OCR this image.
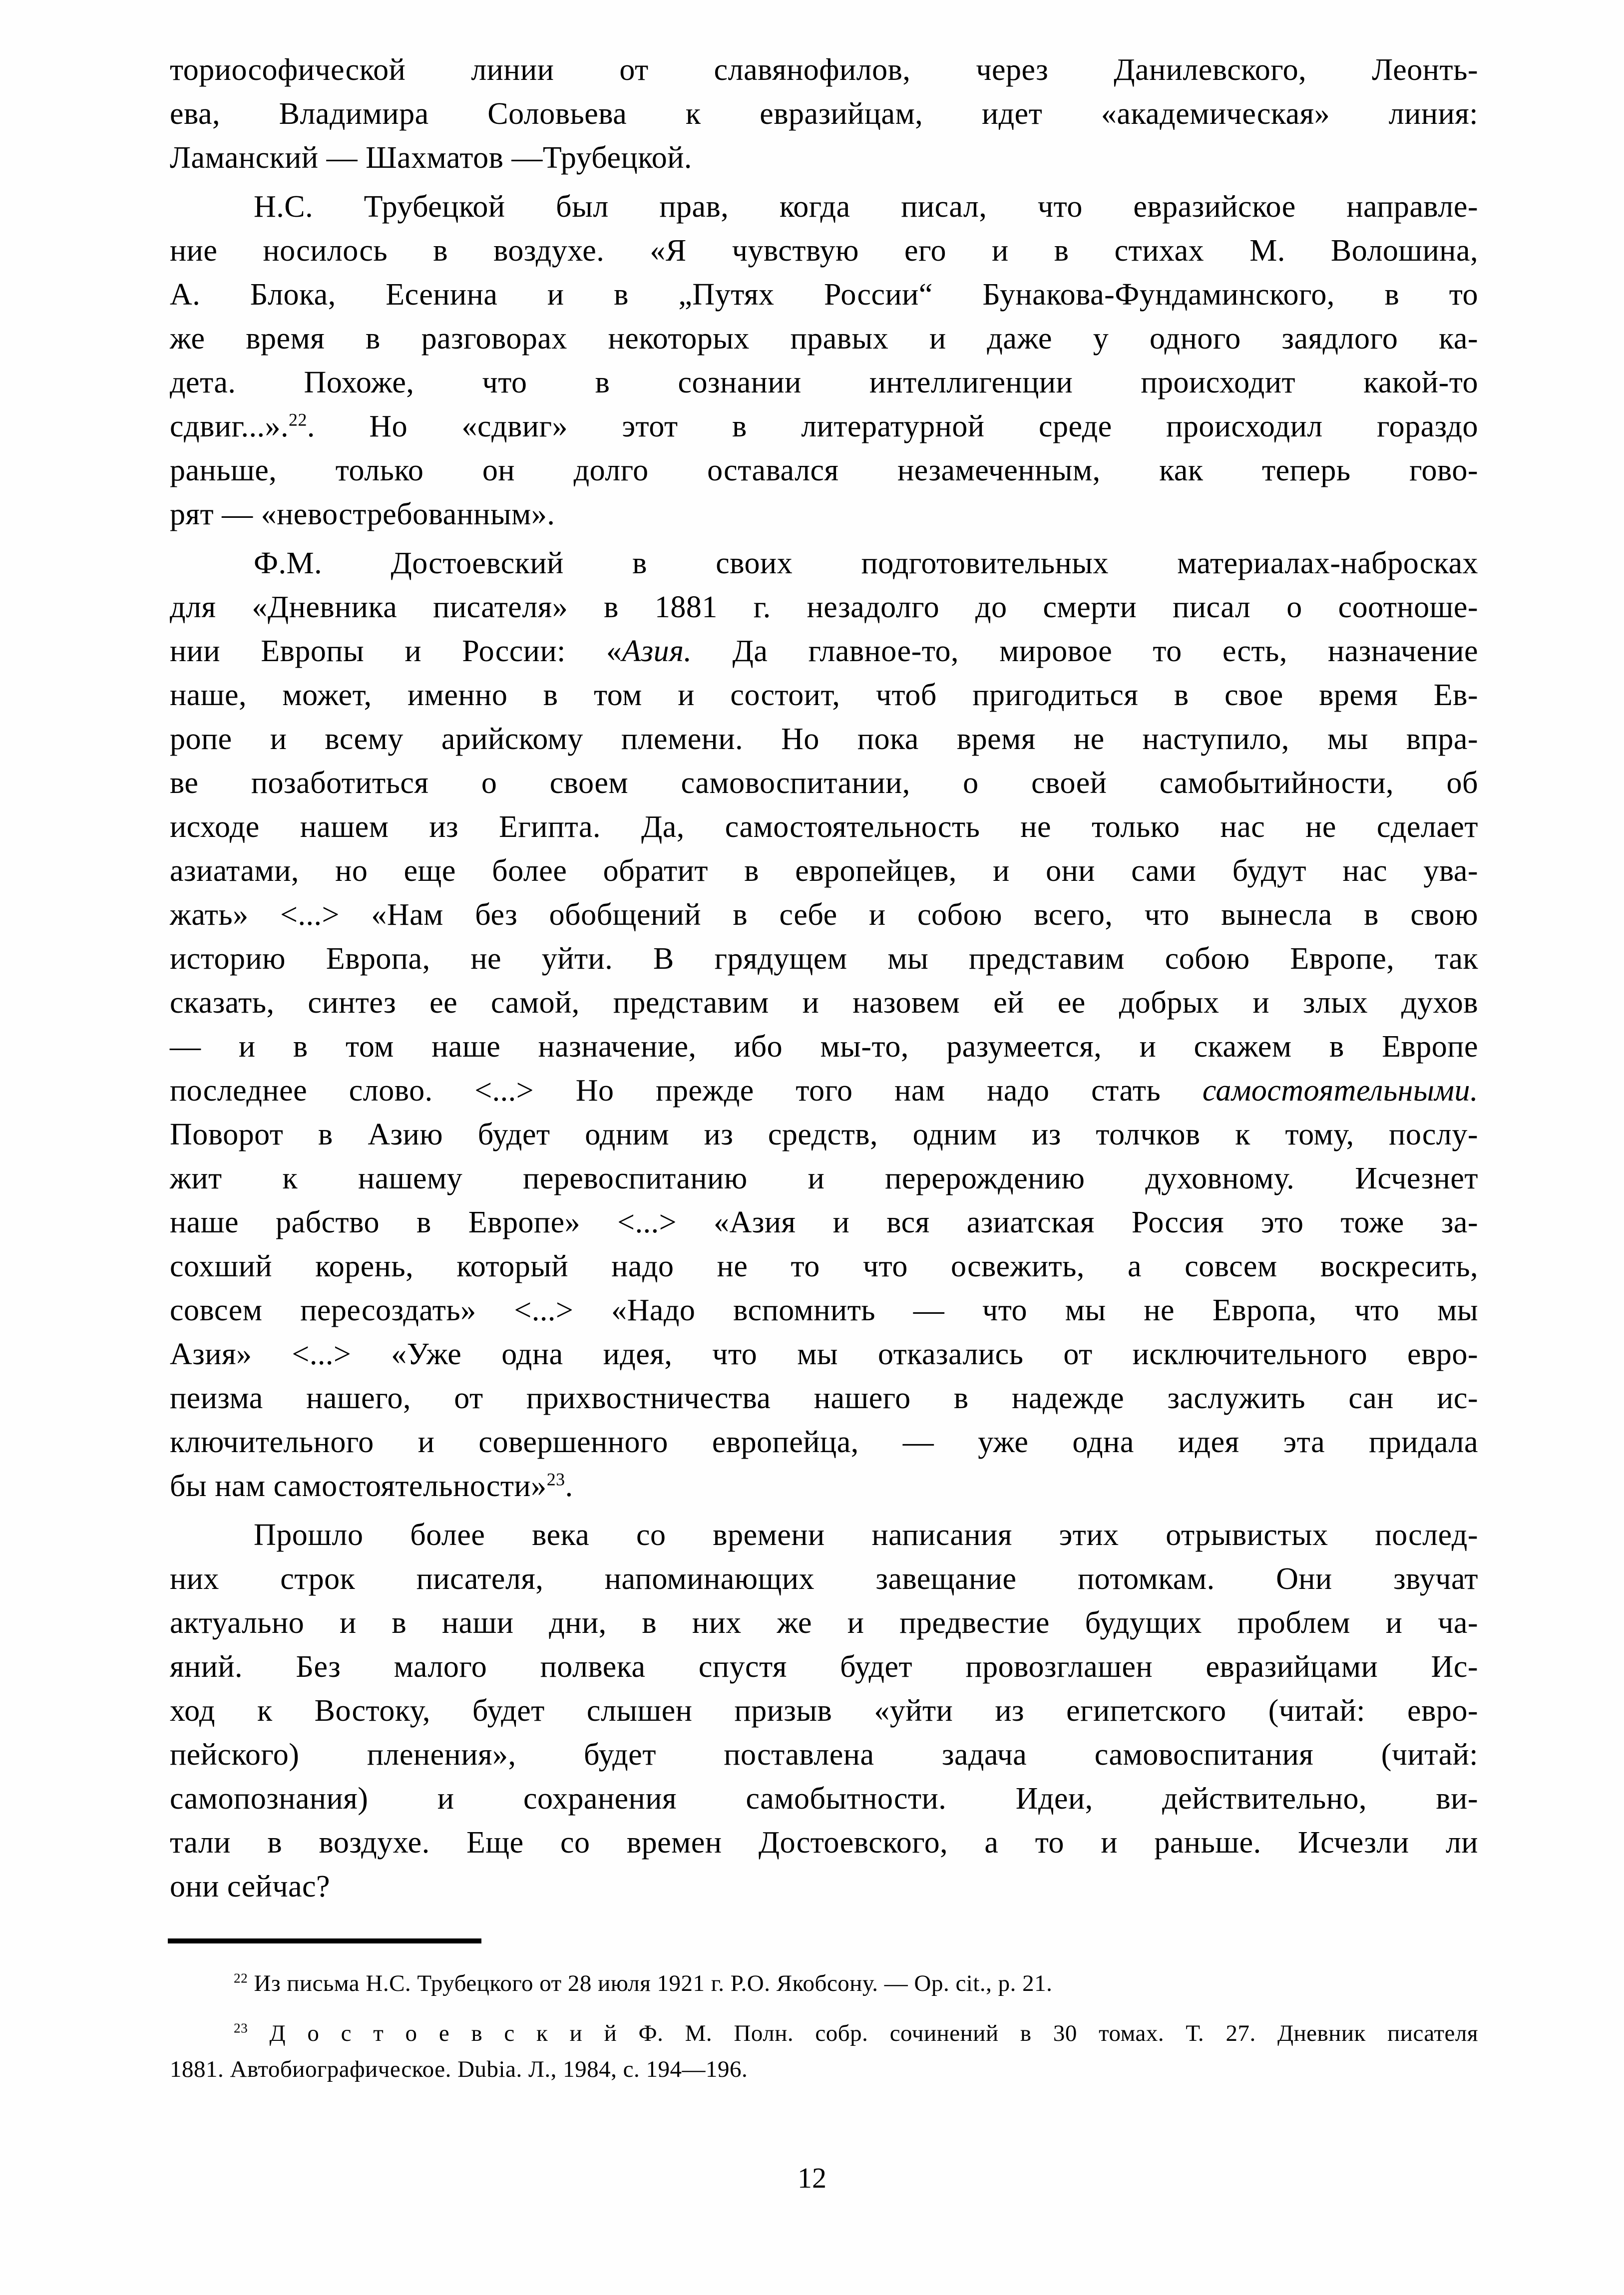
ториософической линии от славянофилов, через Данилевского, Леонть-
ева, Владимира Соловьева к евразийцам, идет «академическая» линия:
Ламанский — Шахматов —Трубецкой.

Н.С. Трубецкой был прав, когда писал, что евразийское направле-
ние носилось в воздухе. «Я чувствую его и в стихах М. Волошина,
А. Блока, Есенина и в „Путях России“ Бунакова-Фундаминского, в то
же время в разговорах некоторых правых и даже у одного заядлого ка-
дета. Похоже, что в сознании интеллигенции происходит какой-то
сдвиг...».$^{22}$. Но «сдвиг» этот в литературной среде происходил гораздо
раньше, только он долго оставался незамеченным, как теперь гово-
рят — «невостребованным».

Ф.М. Достоевский в своих подготовительных материалах-набросках
для «Дневника писателя» в 1881 г. незадолго до смерти писал о соотноше-
нии Европы и России: «Азия. Да главное-то, мировое то есть, назначение
наше, может, именно в том и состоит, чтоб пригодиться в свое время Ев-
ропе и всему арийскому племени. Но пока время не наступило, мы впра-
ве позаботиться о своем самовоспитании, о своей самобытийности, об
исходе нашем из Египта. Да, самостоятельность не только нас не сделает
азиатами, но еще более обратит в европейцев, и они сами будут нас ува-
жать» <...> «Нам без обобщений в себе и собою всего, что вынесла в свою
историю Европа, не уйти. В грядущем мы представим собою Европе, так
сказать, синтез ее самой, представим и назовем ей ее добрых и злых духов
— и в том наше назначение, ибо мы-то, разумеется, и скажем в Европе
последнее слово. <...> Но прежде того нам надо стать самостоятельными.
Поворот в Азию будет одним из средств, одним из толчков к тому, послу-
жит к нашему перевоспитанию и перерождению духовному. Исчезнет
наше рабство в Европе» <...> «Азия и вся азиатская Россия это тоже за-
сохший корень, который надо не то что освежить, а совсем воскресить,
совсем пересоздать» <...> «Надо вспомнить — что мы не Европа, что мы
Азия» <...> «Уже одна идея, что мы отказались от исключительного евро-
пеизма нашего, от прихвостничества нашего в надежде заслужить сан ис-
ключительного и совершенного европейца, — уже одна идея эта придала
бы нам самостоятельности»$^{23}$.

Прошло более века со времени написания этих отрывистых послед-
них строк писателя, напоминающих завещание потомкам. Они звучат
актуально и в наши дни, в них же и предвестие будущих проблем и ча-
яний. Без малого полвека спустя будет провозглашен евразийцами Ис-
ход к Востоку, будет слышен призыв «уйти из египетского (читай: евро-
пейского) пленения», будет поставлена задача самовоспитания (читай:
самопознания) и сохранения самобытности. Идеи, действительно, ви-
тали в воздухе. Еще со времен Достоевского, а то и раньше. Исчезли ли
они сейчас?

$^{22}$ Из письма Н.С. Трубецкого от 28 июля 1921 г. Р.О. Якобсону. — Op. cit., p. 21.
$^{23}$ Д о с т о е в с к и й Ф. М. Полн. собр. сочинений в 30 томах. Т. 27. Дневник писателя
1881. Автобиографическое. Dubia. Л., 1984, с. 194—196.
12
